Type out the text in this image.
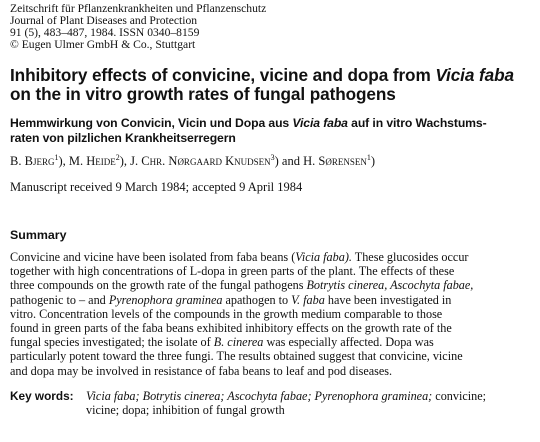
Zeitschrift für Pflanzenkrankheiten und Pflanzenschutz
Journal of Plant Diseases and Protection
91 (5), 483–487, 1984. ISSN 0340–8159
© Eugen Ulmer GmbH & Co., Stuttgart
Inhibitory effects of convicine, vicine and dopa from Vicia faba
on the in vitro growth rates of fungal pathogens
Hemmwirkung von Convicin, Vicin und Dopa aus Vicia faba auf in vitro Wachstums-
raten von pilzlichen Krankheitserregern
B. Bjerg$^1$), M. Heide$^2$), J. Chr. Nørgaard Knudsen$^3$) and H. Sørensen$^1$)
Manuscript received 9 March 1984; accepted 9 April 1984
Summary
Convicine and vicine have been isolated from faba beans (Vicia faba). These glucosides occur
together with high concentrations of L-dopa in green parts of the plant. The effects of these
three compounds on the growth rate of the fungal pathogens Botrytis cinerea, Ascochyta fabae,
pathogenic to – and Pyrenophora graminea apathogen to V. faba have been investigated in
vitro. Concentration levels of the compounds in the growth medium comparable to those
found in green parts of the faba beans exhibited inhibitory effects on the growth rate of the
fungal species investigated; the isolate of B. cinerea was especially affected. Dopa was
particularly potent toward the three fungi. The results obtained suggest that convicine, vicine
and dopa may be involved in resistance of faba beans to leaf and pod diseases.
Key words:	Vicia faba; Botrytis cinerea; Ascochyta fabae; Pyrenophora graminea; convicine;
vicine; dopa; inhibition of fungal growth
